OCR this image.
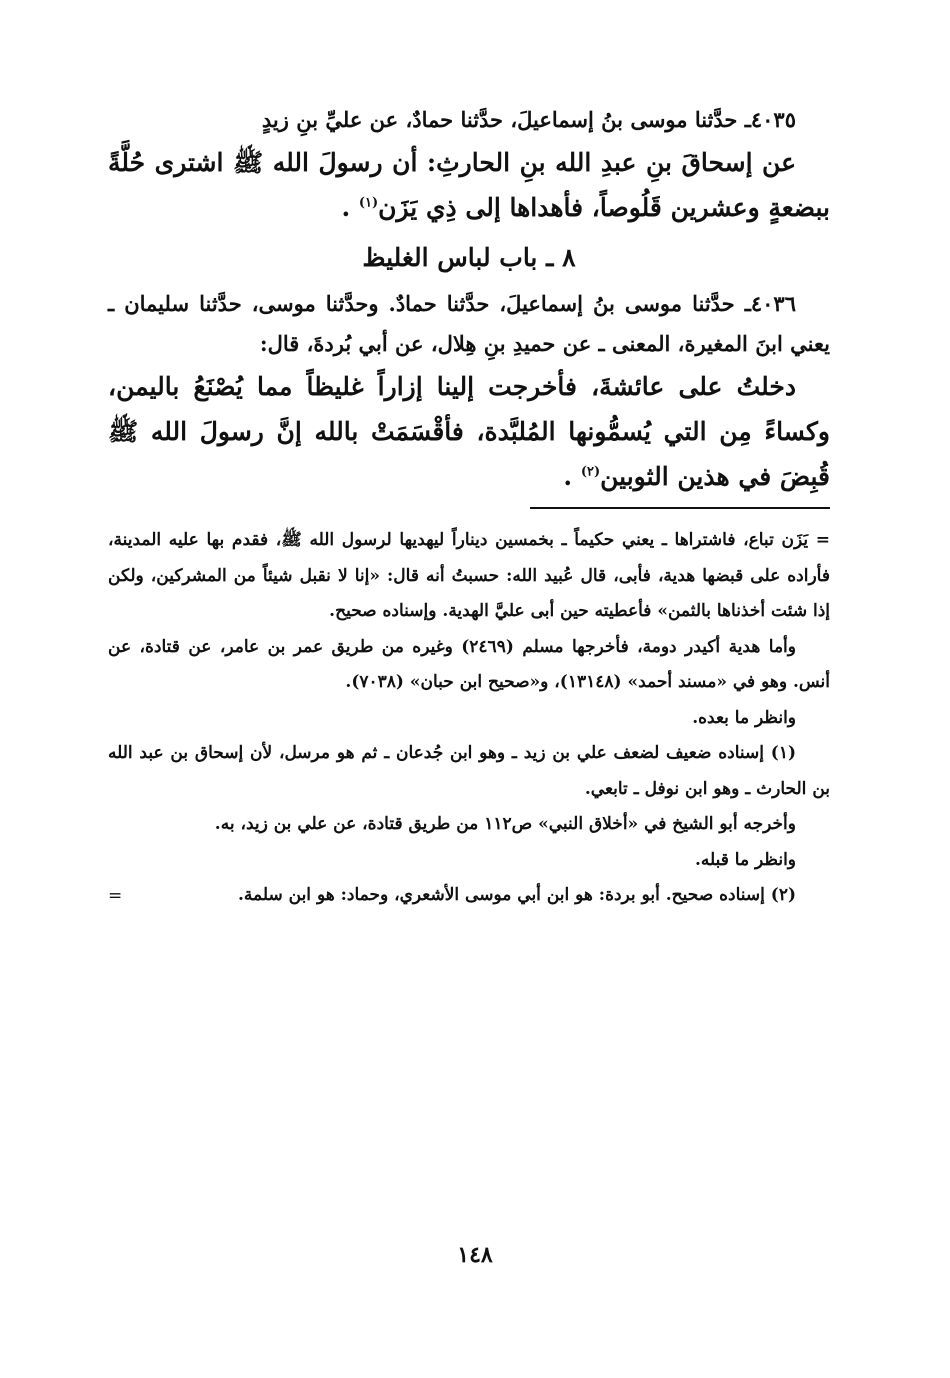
٤٠٣٥ـ حدَّثنا موسى بنُ إسماعيلَ، حدَّثنا حمادٌ، عن عليِّ بنِ زيدٍ

عن إسحاقَ بنِ عبدِ الله بنِ الحارثِ: أن رسولَ الله ﷺ اشترى حُلَّةً ببضعةٍ وعشرين قَلُوصاً، فأهداها إلى ذِي يَزَن$^{(١)}$ .

٨ ـ باب لباس الغليظ

٤٠٣٦ـ حدَّثنا موسى بنُ إسماعيلَ، حدَّثنا حمادٌ. وحدَّثنا موسى، حدَّثنا سليمان ـ يعني ابنَ المغيرة، المعنى ـ عن حميدِ بنِ هِلال، عن أبي بُردةَ، قال:

دخلتُ على عائشةَ، فأخرجت إلينا إزاراً غليظاً مما يُصْنَعُ باليمن، وكساءً مِن التي يُسمُّونها المُلبَّدة، فأقْسَمَتْ بالله إنَّ رسولَ الله ﷺ قُبِضَ في هذين الثوبين$^{(٢)}$ .

= يَزَن تباع، فاشتراها ـ يعني حكيماً ـ بخمسين ديناراً ليهديها لرسول الله ﷺ، فقدم بها عليه المدينة، فأراده على قبضها هدية، فأبى، قال عُبيد الله: حسبتُ أنه قال: «إنا لا نقبل شيئاً من المشركين، ولكن إذا شئت أخذناها بالثمن» فأعطيته حين أبى عليَّ الهدية. وإسناده صحيح.

وأما هدية أكيدر دومة، فأخرجها مسلم (٢٤٦٩) وغيره من طريق عمر بن عامر، عن قتادة، عن أنس. وهو في «مسند أحمد» (١٣١٤٨)، و«صحيح ابن حبان» (٧٠٣٨).

وانظر ما بعده.

(١) إسناده ضعيف لضعف علي بن زيد ـ وهو ابن جُدعان ـ ثم هو مرسل، لأن إسحاق بن عبد الله بن الحارث ـ وهو ابن نوفل ـ تابعي.

وأخرجه أبو الشيخ في «أخلاق النبي» ص١١٢ من طريق قتادة، عن علي بن زيد، به.

وانظر ما قبله.

(٢) إسناده صحيح. أبو بردة: هو ابن أبي موسى الأشعري، وحماد: هو ابن سلمة.

=
١٤٨
